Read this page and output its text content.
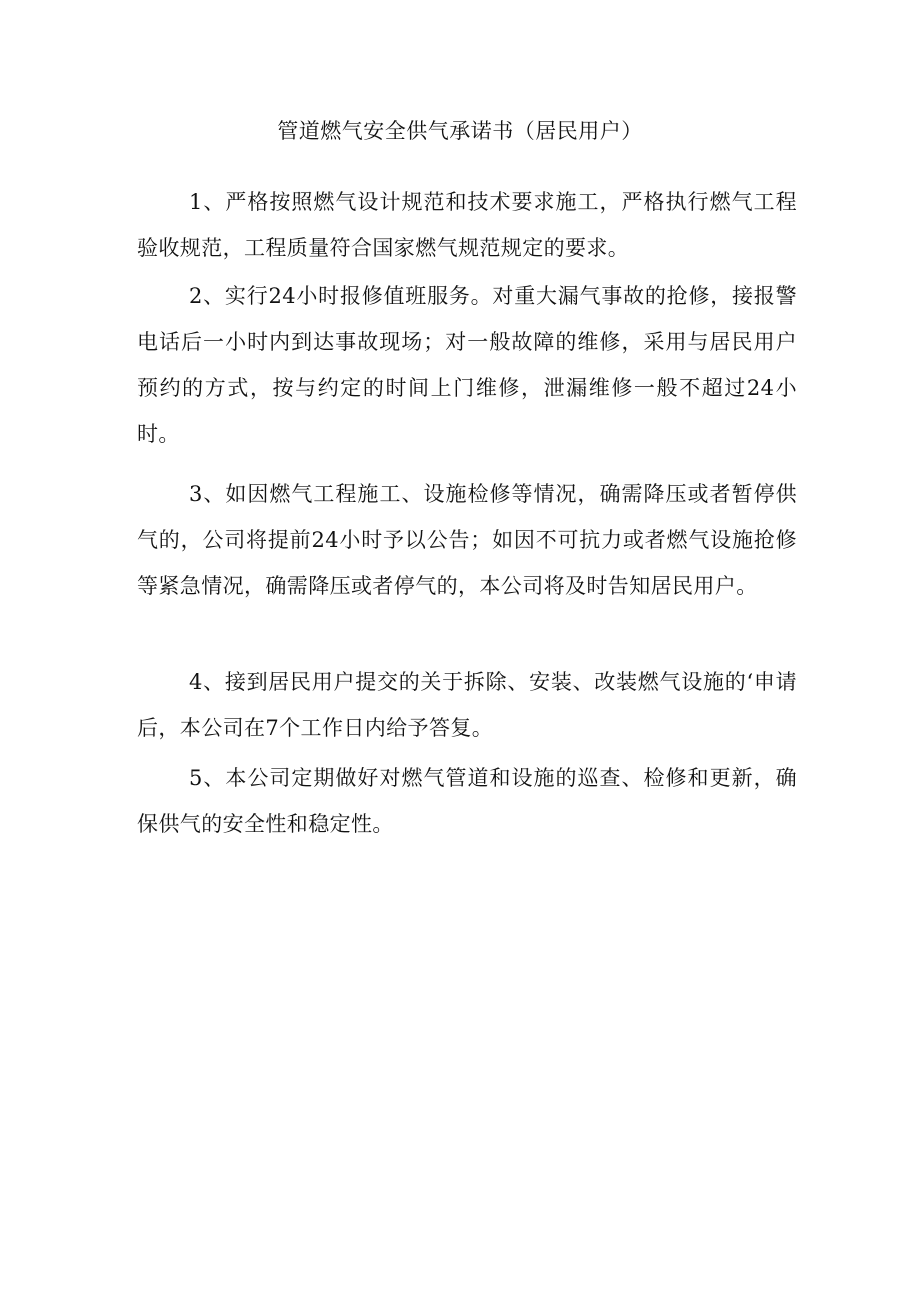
管道燃气安全供气承诺书（居民用户）

1、严格按照燃气设计规范和技术要求施工，严格执行燃气工程验收规范，工程质量符合国家燃气规范规定的要求。

2、实行24小时报修值班服务。对重大漏气事故的抢修，接报警电话后一小时内到达事故现场；对一般故障的维修，采用与居民用户预约的方式，按与约定的时间上门维修，泄漏维修一般不超过24小时。

3、如因燃气工程施工、设施检修等情况，确需降压或者暂停供气的，公司将提前24小时予以公告；如因不可抗力或者燃气设施抢修等紧急情况，确需降压或者停气的，本公司将及时告知居民用户。

4、接到居民用户提交的关于拆除、安装、改装燃气设施的‘申请后，本公司在7个工作日内给予答复。

5、本公司定期做好对燃气管道和设施的巡查、检修和更新，确保供气的安全性和稳定性。
